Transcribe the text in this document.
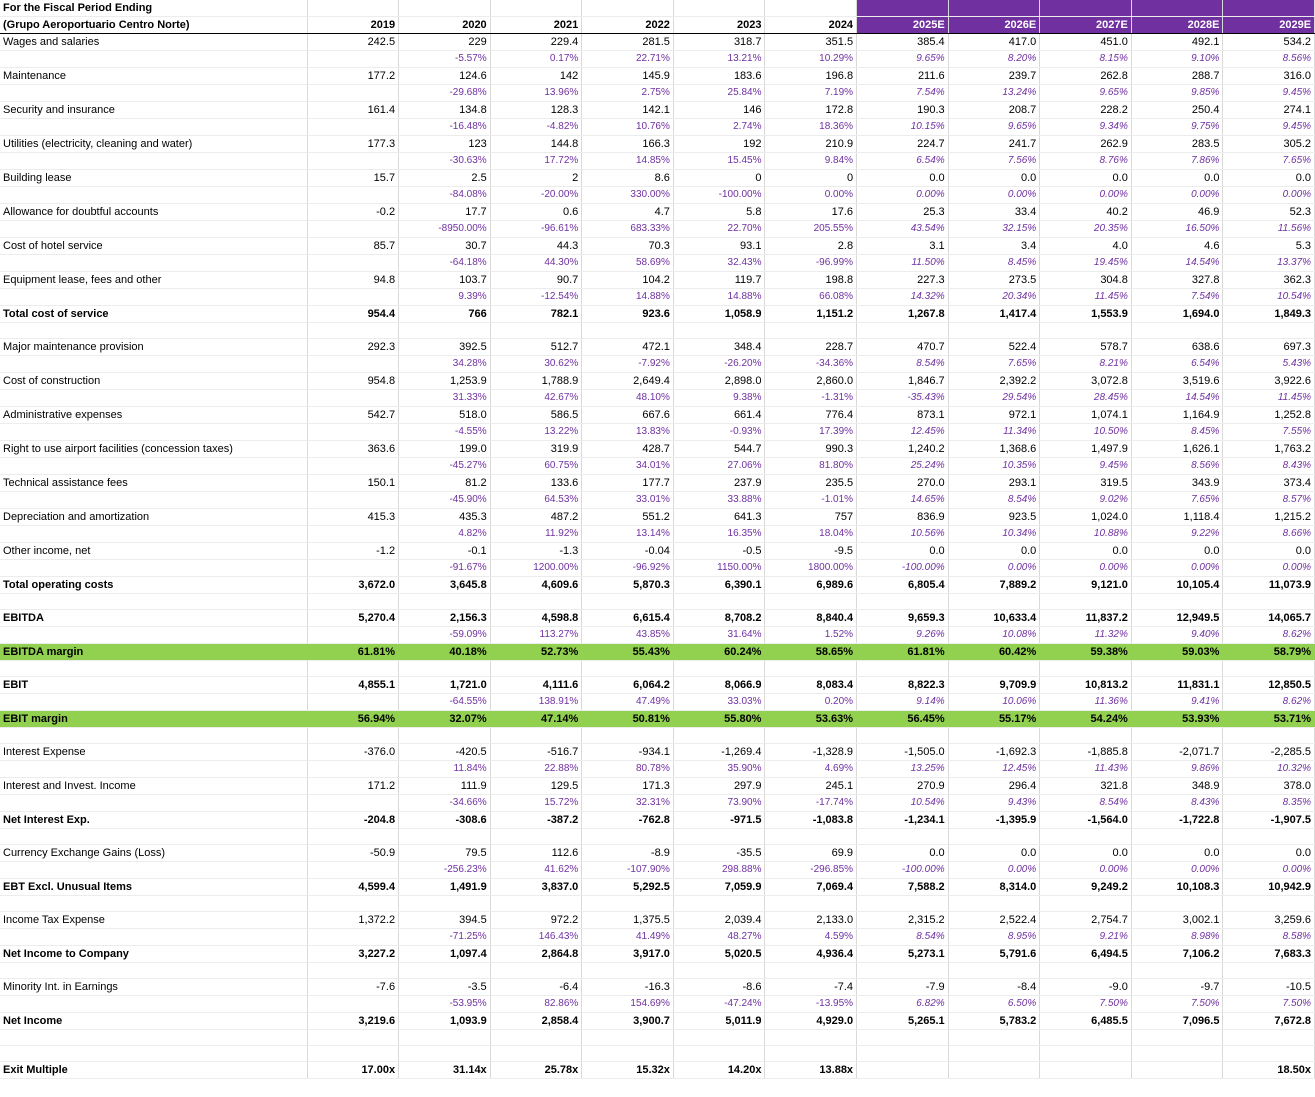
For the Fiscal Period Ending											
(Grupo Aeroportuario Centro Norte)	2019	2020	2021	2022	2023	2024	2025E	2026E	2027E	2028E	2029E
Wages and salaries	242.5	229	229.4	281.5	318.7	351.5	385.4	417.0	451.0	492.1	534.2
		-5.57%	0.17%	22.71%	13.21%	10.29%	9.65%	8.20%	8.15%	9.10%	8.56%
Maintenance	177.2	124.6	142	145.9	183.6	196.8	211.6	239.7	262.8	288.7	316.0
		-29.68%	13.96%	2.75%	25.84%	7.19%	7.54%	13.24%	9.65%	9.85%	9.45%
Security and insurance	161.4	134.8	128.3	142.1	146	172.8	190.3	208.7	228.2	250.4	274.1
		-16.48%	-4.82%	10.76%	2.74%	18.36%	10.15%	9.65%	9.34%	9.75%	9.45%
Utilities (electricity, cleaning and water)	177.3	123	144.8	166.3	192	210.9	224.7	241.7	262.9	283.5	305.2
		-30.63%	17.72%	14.85%	15.45%	9.84%	6.54%	7.56%	8.76%	7.86%	7.65%
Building lease	15.7	2.5	2	8.6	0	0	0.0	0.0	0.0	0.0	0.0
		-84.08%	-20.00%	330.00%	-100.00%	0.00%	0.00%	0.00%	0.00%	0.00%	0.00%
Allowance for doubtful accounts	-0.2	17.7	0.6	4.7	5.8	17.6	25.3	33.4	40.2	46.9	52.3
		-8950.00%	-96.61%	683.33%	22.70%	205.55%	43.54%	32.15%	20.35%	16.50%	11.56%
Cost of hotel service	85.7	30.7	44.3	70.3	93.1	2.8	3.1	3.4	4.0	4.6	5.3
		-64.18%	44.30%	58.69%	32.43%	-96.99%	11.50%	8.45%	19.45%	14.54%	13.37%
Equipment lease, fees and other	94.8	103.7	90.7	104.2	119.7	198.8	227.3	273.5	304.8	327.8	362.3
		9.39%	-12.54%	14.88%	14.88%	66.08%	14.32%	20.34%	11.45%	7.54%	10.54%
Total cost of service	954.4	766	782.1	923.6	1,058.9	1,151.2	1,267.8	1,417.4	1,553.9	1,694.0	1,849.3

Major maintenance provision	292.3	392.5	512.7	472.1	348.4	228.7	470.7	522.4	578.7	638.6	697.3
		34.28%	30.62%	-7.92%	-26.20%	-34.36%	8.54%	7.65%	8.21%	6.54%	5.43%
Cost of construction	954.8	1,253.9	1,788.9	2,649.4	2,898.0	2,860.0	1,846.7	2,392.2	3,072.8	3,519.6	3,922.6
		31.33%	42.67%	48.10%	9.38%	-1.31%	-35.43%	29.54%	28.45%	14.54%	11.45%
Administrative expenses	542.7	518.0	586.5	667.6	661.4	776.4	873.1	972.1	1,074.1	1,164.9	1,252.8
		-4.55%	13.22%	13.83%	-0.93%	17.39%	12.45%	11.34%	10.50%	8.45%	7.55%
Right to use airport facilities (concession taxes)	363.6	199.0	319.9	428.7	544.7	990.3	1,240.2	1,368.6	1,497.9	1,626.1	1,763.2
		-45.27%	60.75%	34.01%	27.06%	81.80%	25.24%	10.35%	9.45%	8.56%	8.43%
Technical assistance fees	150.1	81.2	133.6	177.7	237.9	235.5	270.0	293.1	319.5	343.9	373.4
		-45.90%	64.53%	33.01%	33.88%	-1.01%	14.65%	8.54%	9.02%	7.65%	8.57%
Depreciation and amortization	415.3	435.3	487.2	551.2	641.3	757	836.9	923.5	1,024.0	1,118.4	1,215.2
		4.82%	11.92%	13.14%	16.35%	18.04%	10.56%	10.34%	10.88%	9.22%	8.66%
Other income, net	-1.2	-0.1	-1.3	-0.04	-0.5	-9.5	0.0	0.0	0.0	0.0	0.0
		-91.67%	1200.00%	-96.92%	1150.00%	1800.00%	-100.00%	0.00%	0.00%	0.00%	0.00%
Total operating costs	3,672.0	3,645.8	4,609.6	5,870.3	6,390.1	6,989.6	6,805.4	7,889.2	9,121.0	10,105.4	11,073.9

EBITDA	5,270.4	2,156.3	4,598.8	6,615.4	8,708.2	8,840.4	9,659.3	10,633.4	11,837.2	12,949.5	14,065.7
		-59.09%	113.27%	43.85%	31.64%	1.52%	9.26%	10.08%	11.32%	9.40%	8.62%
EBITDA margin	61.81%	40.18%	52.73%	55.43%	60.24%	58.65%	61.81%	60.42%	59.38%	59.03%	58.79%

EBIT	4,855.1	1,721.0	4,111.6	6,064.2	8,066.9	8,083.4	8,822.3	9,709.9	10,813.2	11,831.1	12,850.5
		-64.55%	138.91%	47.49%	33.03%	0.20%	9.14%	10.06%	11.36%	9.41%	8.62%
EBIT margin	56.94%	32.07%	47.14%	50.81%	55.80%	53.63%	56.45%	55.17%	54.24%	53.93%	53.71%

Interest Expense	-376.0	-420.5	-516.7	-934.1	-1,269.4	-1,328.9	-1,505.0	-1,692.3	-1,885.8	-2,071.7	-2,285.5
		11.84%	22.88%	80.78%	35.90%	4.69%	13.25%	12.45%	11.43%	9.86%	10.32%
Interest and Invest. Income	171.2	111.9	129.5	171.3	297.9	245.1	270.9	296.4	321.8	348.9	378.0
		-34.66%	15.72%	32.31%	73.90%	-17.74%	10.54%	9.43%	8.54%	8.43%	8.35%
Net Interest Exp.	-204.8	-308.6	-387.2	-762.8	-971.5	-1,083.8	-1,234.1	-1,395.9	-1,564.0	-1,722.8	-1,907.5

Currency Exchange Gains (Loss)	-50.9	79.5	112.6	-8.9	-35.5	69.9	0.0	0.0	0.0	0.0	0.0
		-256.23%	41.62%	-107.90%	298.88%	-296.85%	-100.00%	0.00%	0.00%	0.00%	0.00%
EBT Excl. Unusual Items	4,599.4	1,491.9	3,837.0	5,292.5	7,059.9	7,069.4	7,588.2	8,314.0	9,249.2	10,108.3	10,942.9

Income Tax Expense	1,372.2	394.5	972.2	1,375.5	2,039.4	2,133.0	2,315.2	2,522.4	2,754.7	3,002.1	3,259.6
		-71.25%	146.43%	41.49%	48.27%	4.59%	8.54%	8.95%	9.21%	8.98%	8.58%
Net Income to Company	3,227.2	1,097.4	2,864.8	3,917.0	5,020.5	4,936.4	5,273.1	5,791.6	6,494.5	7,106.2	7,683.3

Minority Int. in Earnings	-7.6	-3.5	-6.4	-16.3	-8.6	-7.4	-7.9	-8.4	-9.0	-9.7	-10.5
		-53.95%	82.86%	154.69%	-47.24%	-13.95%	6.82%	6.50%	7.50%	7.50%	7.50%
Net Income	3,219.6	1,093.9	2,858.4	3,900.7	5,011.9	4,929.0	5,265.1	5,783.2	6,485.5	7,096.5	7,672.8

Exit Multiple	17.00x	31.14x	25.78x	15.32x	14.20x	13.88x					18.50x
